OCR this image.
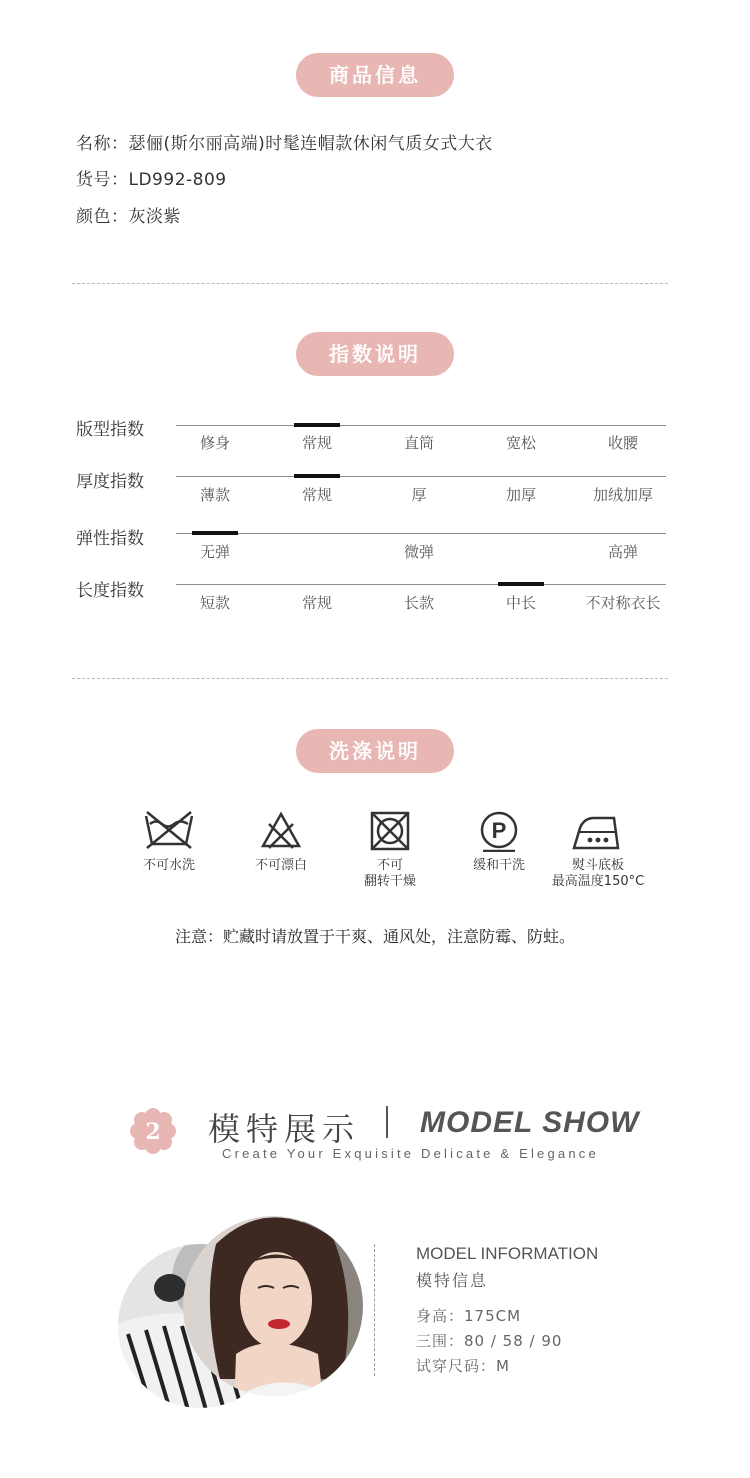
商品信息
名称：瑟俪(斯尔丽高端)时髦连帽款休闲气质女式大衣
货号：LD992-809
颜色：灰淡紫
指数说明
版型指数
修身	常规	直筒	宽松	收腰
厚度指数
薄款	常规	厚	加厚	加绒加厚
弹性指数
无弹	微弹	高弹
长度指数
短款	常规	长款	中长	不对称衣长
洗涤说明
不可水洗	不可漂白	不可
翻转干燥
P
缓和干洗	熨斗底板
最高温度150°C
注意：贮藏时请放置于干爽、通风处，注意防霉、防蛀。
2 模特展示 MODEL SHOW
Create Your Exquisite Delicate & Elegance
MODEL INFORMATION
模特信息
身高：175CM
三围：80 / 58 / 90
试穿尺码：M
